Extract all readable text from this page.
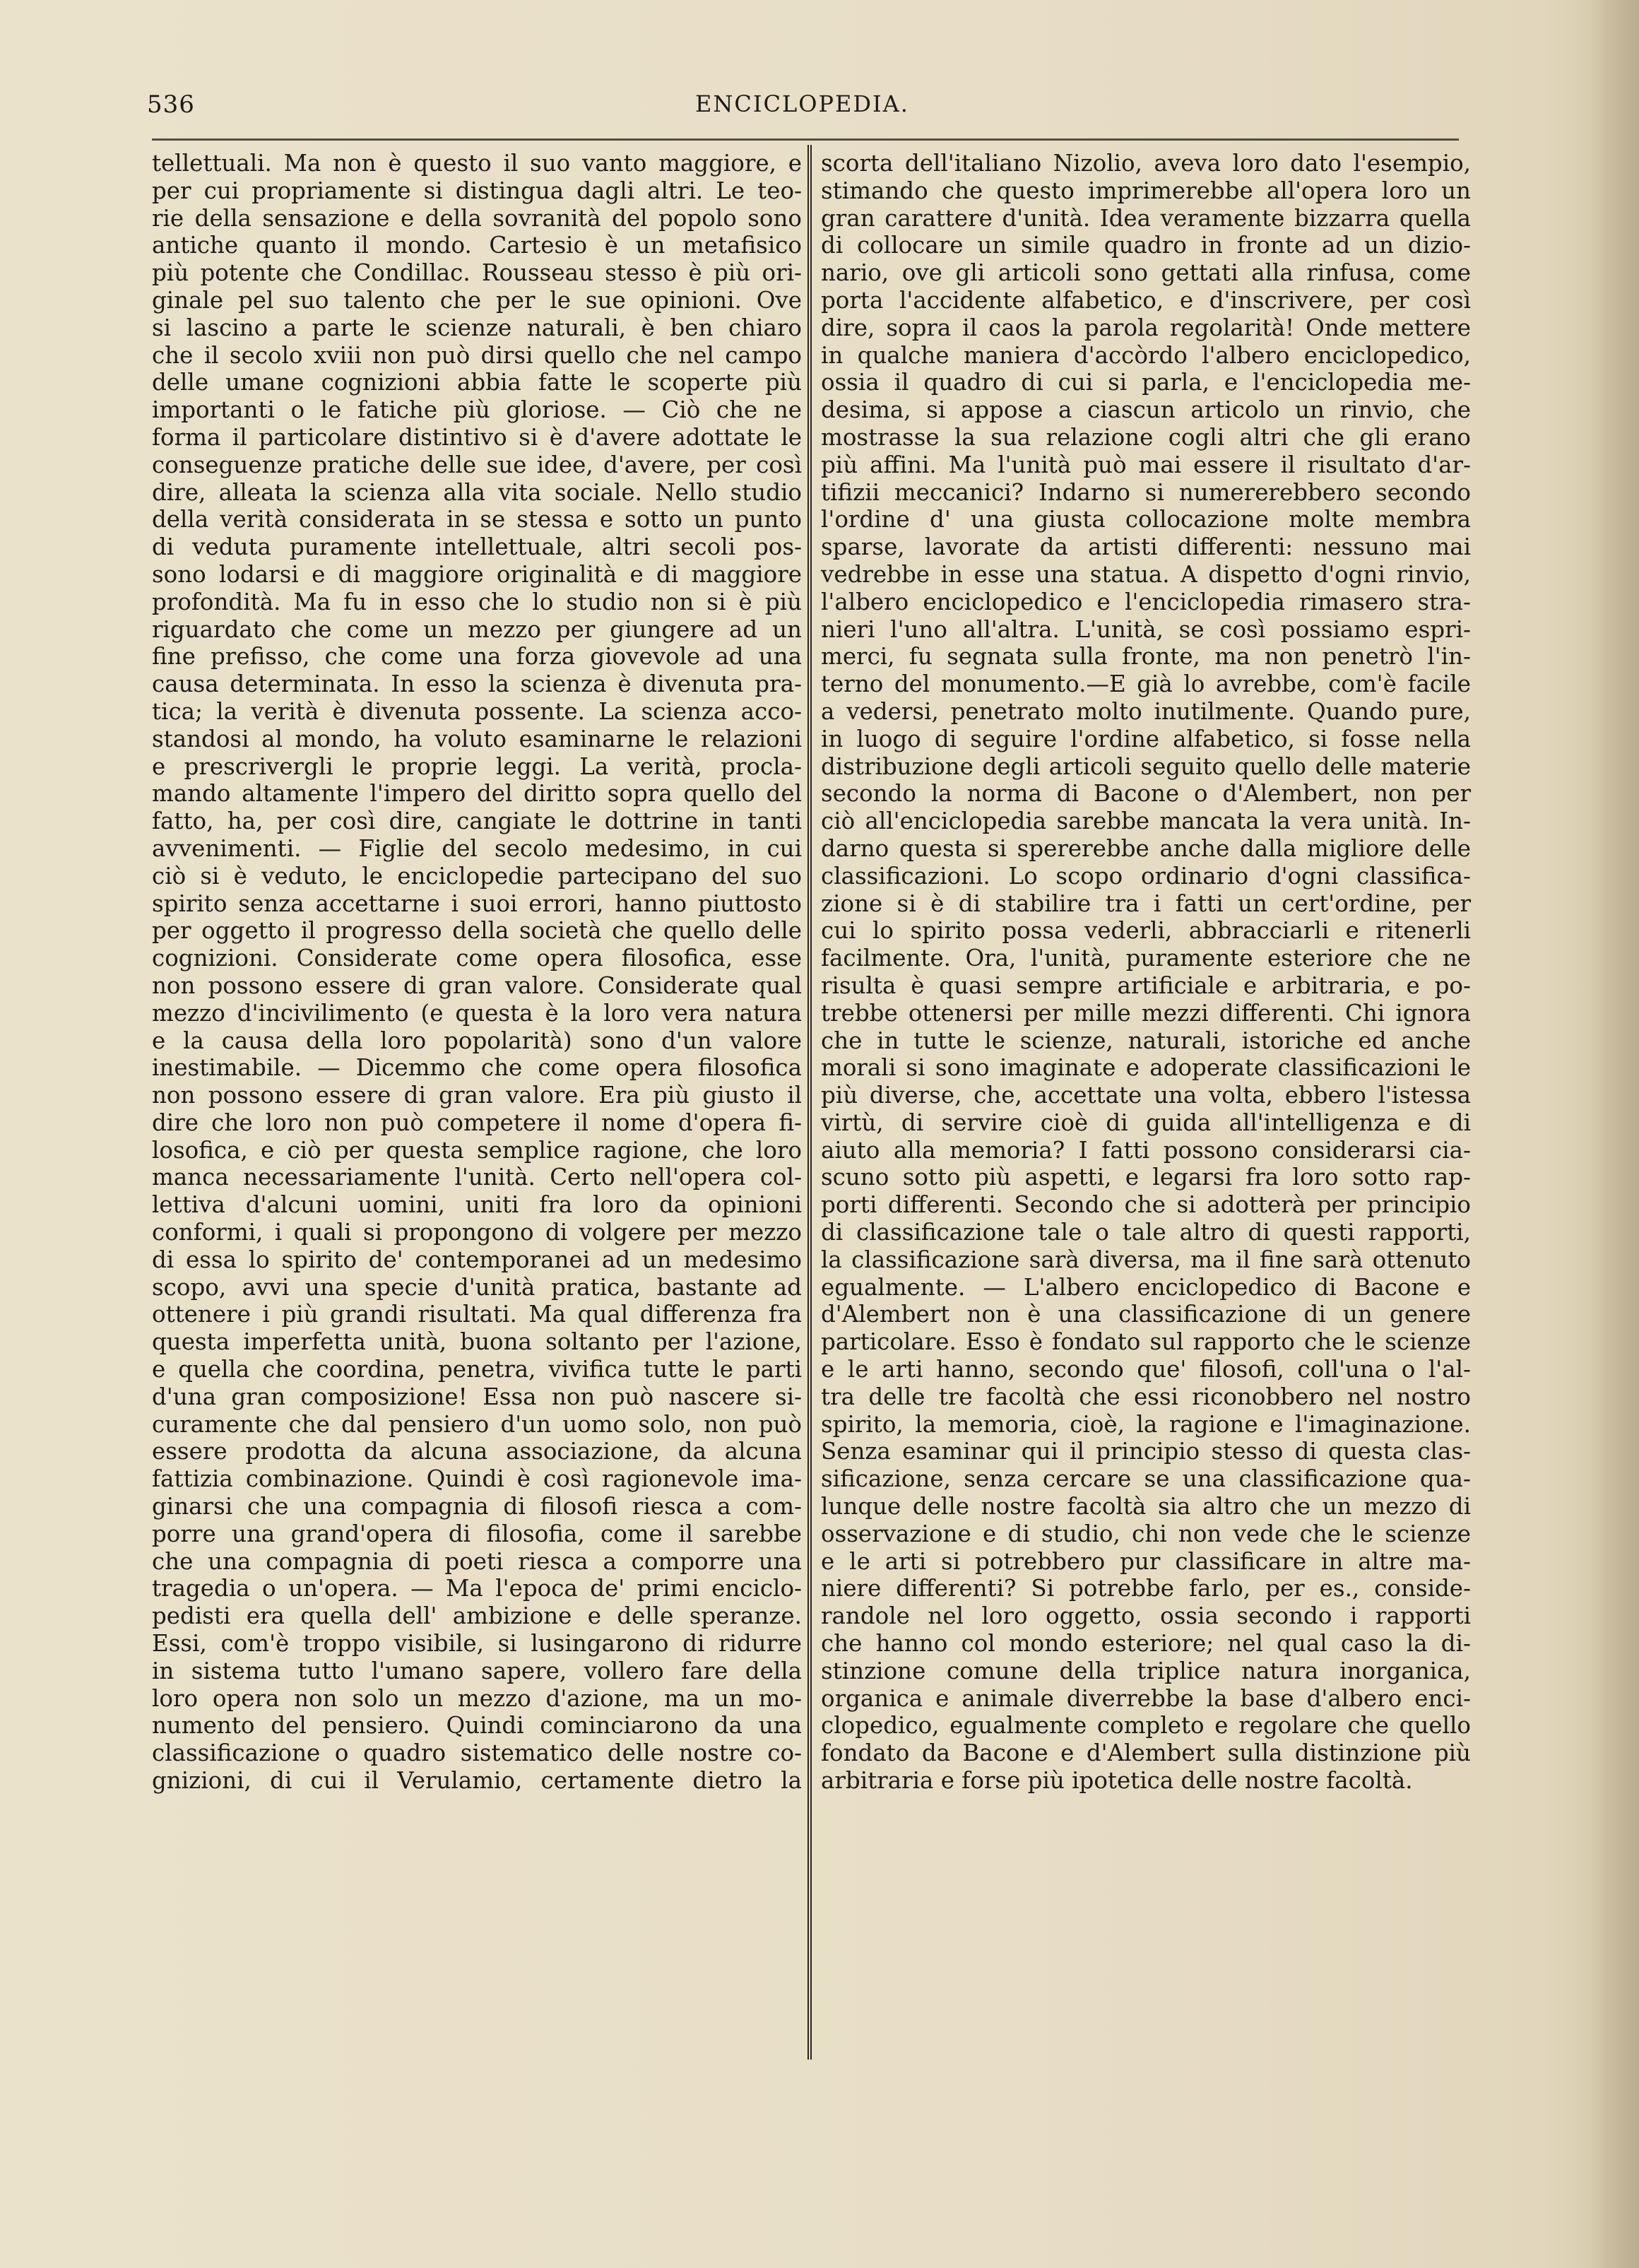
536	ENCICLOPEDIA.

tellettuali. Ma non è questo il suo vanto maggiore, e

per cui propriamente si distingua dagli altri. Le teo-

rie della sensazione e della sovranità del popolo sono

antiche quanto il mondo. Cartesio è un metafisico

più potente che Condillac. Rousseau stesso è più ori-

ginale pel suo talento che per le sue opinioni. Ove

si lascino a parte le scienze naturali, è ben chiaro

che il secolo xviii non può dirsi quello che nel campo

delle umane cognizioni abbia fatte le scoperte più

importanti o le fatiche più gloriose. — Ciò che ne

forma il particolare distintivo si è d'avere adottate le

conseguenze pratiche delle sue idee, d'avere, per così

dire, alleata la scienza alla vita sociale. Nello studio

della verità considerata in se stessa e sotto un punto

di veduta puramente intellettuale, altri secoli pos-

sono lodarsi e di maggiore originalità e di maggiore

profondità. Ma fu in esso che lo studio non si è più

riguardato che come un mezzo per giungere ad un

fine prefisso, che come una forza giovevole ad una

causa determinata. In esso la scienza è divenuta pra-

tica; la verità è divenuta possente. La scienza acco-

standosi al mondo, ha voluto esaminarne le relazioni

e prescrivergli le proprie leggi. La verità, procla-

mando altamente l'impero del diritto sopra quello del

fatto, ha, per così dire, cangiate le dottrine in tanti

avvenimenti. — Figlie del secolo medesimo, in cui

ciò si è veduto, le enciclopedie partecipano del suo

spirito senza accettarne i suoi errori, hanno piuttosto

per oggetto il progresso della società che quello delle

cognizioni. Considerate come opera filosofica, esse

non possono essere di gran valore. Considerate qual

mezzo d'incivilimento (e questa è la loro vera natura

e la causa della loro popolarità) sono d'un valore

inestimabile. — Dicemmo che come opera filosofica

non possono essere di gran valore. Era più giusto il

dire che loro non può competere il nome d'opera fi-

losofica, e ciò per questa semplice ragione, che loro

manca necessariamente l'unità. Certo nell'opera col-

lettiva d'alcuni uomini, uniti fra loro da opinioni

conformi, i quali si propongono di volgere per mezzo

di essa lo spirito de' contemporanei ad un medesimo

scopo, avvi una specie d'unità pratica, bastante ad

ottenere i più grandi risultati. Ma qual differenza fra

questa imperfetta unità, buona soltanto per l'azione,

e quella che coordina, penetra, vivifica tutte le parti

d'una gran composizione! Essa non può nascere si-

curamente che dal pensiero d'un uomo solo, non può

essere prodotta da alcuna associazione, da alcuna

fattizia combinazione. Quindi è così ragionevole ima-

ginarsi che una compagnia di filosofi riesca a com-

porre una grand'opera di filosofia, come il sarebbe

che una compagnia di poeti riesca a comporre una

tragedia o un'opera. — Ma l'epoca de' primi enciclo-

pedisti era quella dell' ambizione e delle speranze.

Essi, com'è troppo visibile, si lusingarono di ridurre

in sistema tutto l'umano sapere, vollero fare della

loro opera non solo un mezzo d'azione, ma un mo-

numento del pensiero. Quindi cominciarono da una

classificazione o quadro sistematico delle nostre co-

gnizioni, di cui il Verulamio, certamente dietro la

scorta dell'italiano Nizolio, aveva loro dato l'esempio,

stimando che questo imprimerebbe all'opera loro un

gran carattere d'unità. Idea veramente bizzarra quella

di collocare un simile quadro in fronte ad un dizio-

nario, ove gli articoli sono gettati alla rinfusa, come

porta l'accidente alfabetico, e d'inscrivere, per così

dire, sopra il caos la parola regolarità! Onde mettere

in qualche maniera d'accòrdo l'albero enciclopedico,

ossia il quadro di cui si parla, e l'enciclopedia me-

desima, si appose a ciascun articolo un rinvio, che

mostrasse la sua relazione cogli altri che gli erano

più affini. Ma l'unità può mai essere il risultato d'ar-

tifizii meccanici? Indarno si numererebbero secondo

l'ordine d' una giusta collocazione molte membra

sparse, lavorate da artisti differenti: nessuno mai

vedrebbe in esse una statua. A dispetto d'ogni rinvio,

l'albero enciclopedico e l'enciclopedia rimasero stra-

nieri l'uno all'altra. L'unità, se così possiamo espri-

merci, fu segnata sulla fronte, ma non penetrò l'in-

terno del monumento.—E già lo avrebbe, com'è facile

a vedersi, penetrato molto inutilmente. Quando pure,

in luogo di seguire l'ordine alfabetico, si fosse nella

distribuzione degli articoli seguito quello delle materie

secondo la norma di Bacone o d'Alembert, non per

ciò all'enciclopedia sarebbe mancata la vera unità. In-

darno questa si spererebbe anche dalla migliore delle

classificazioni. Lo scopo ordinario d'ogni classifica-

zione si è di stabilire tra i fatti un cert'ordine, per

cui lo spirito possa vederli, abbracciarli e ritenerli

facilmente. Ora, l'unità, puramente esteriore che ne

risulta è quasi sempre artificiale e arbitraria, e po-

trebbe ottenersi per mille mezzi differenti. Chi ignora

che in tutte le scienze, naturali, istoriche ed anche

morali si sono imaginate e adoperate classificazioni le

più diverse, che, accettate una volta, ebbero l'istessa

virtù, di servire cioè di guida all'intelligenza e di

aiuto alla memoria? I fatti possono considerarsi cia-

scuno sotto più aspetti, e legarsi fra loro sotto rap-

porti differenti. Secondo che si adotterà per principio

di classificazione tale o tale altro di questi rapporti,

la classificazione sarà diversa, ma il fine sarà ottenuto

egualmente. — L'albero enciclopedico di Bacone e

d'Alembert non è una classificazione di un genere

particolare. Esso è fondato sul rapporto che le scienze

e le arti hanno, secondo que' filosofi, coll'una o l'al-

tra delle tre facoltà che essi riconobbero nel nostro

spirito, la memoria, cioè, la ragione e l'imaginazione.

Senza esaminar qui il principio stesso di questa clas-

sificazione, senza cercare se una classificazione qua-

lunque delle nostre facoltà sia altro che un mezzo di

osservazione e di studio, chi non vede che le scienze

e le arti si potrebbero pur classificare in altre ma-

niere differenti? Si potrebbe farlo, per es., conside-

randole nel loro oggetto, ossia secondo i rapporti

che hanno col mondo esteriore; nel qual caso la di-

stinzione comune della triplice natura inorganica,

organica e animale diverrebbe la base d'albero enci-

clopedico, egualmente completo e regolare che quello

fondato da Bacone e d'Alembert sulla distinzione più

arbitraria e forse più ipotetica delle nostre facoltà.
